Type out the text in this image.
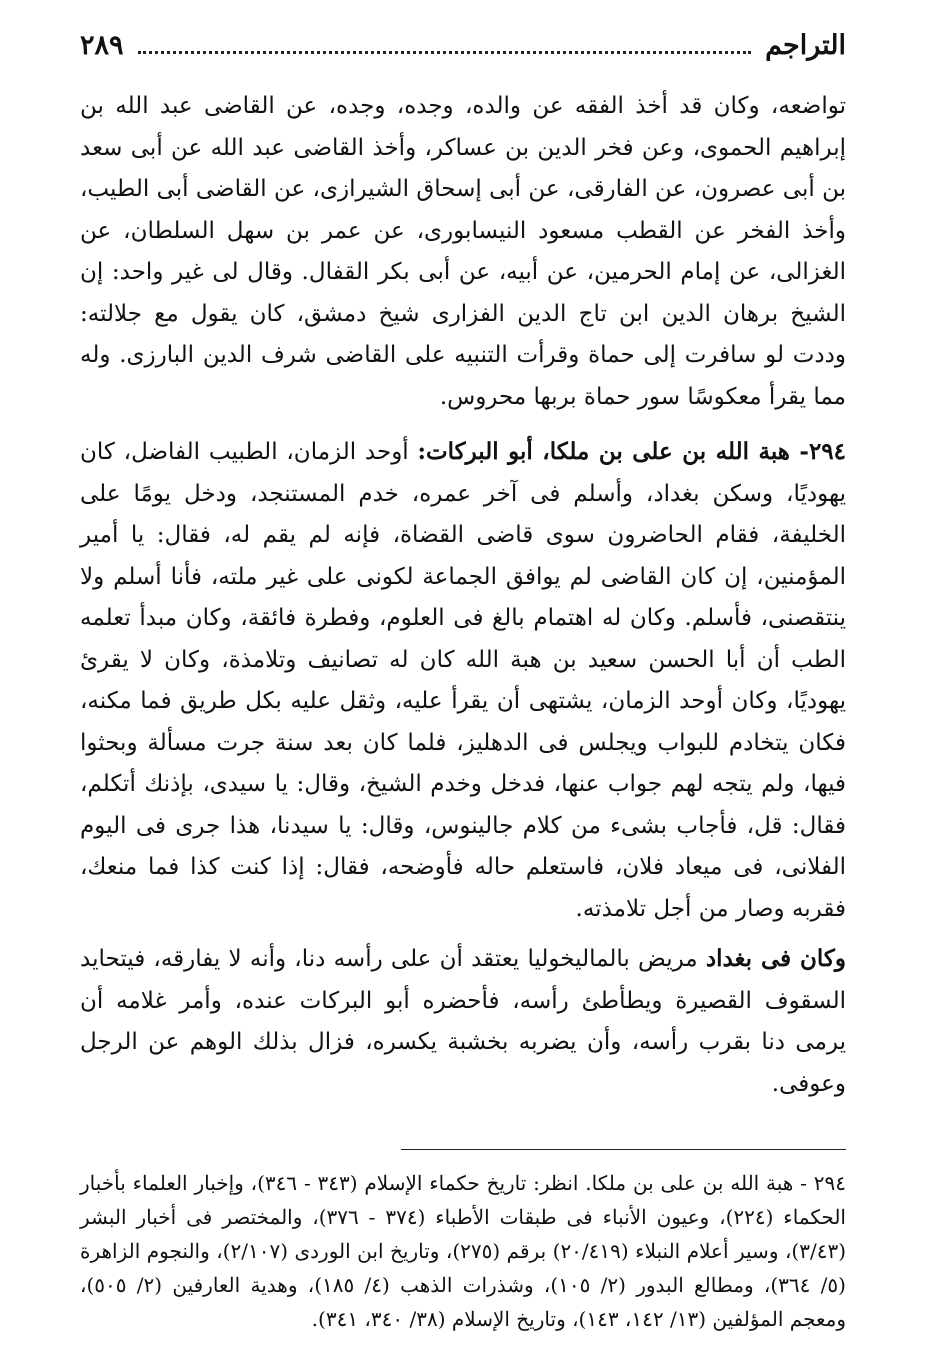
التراجم
٢٨٩

تواضعه، وكان قد أخذ الفقه عن والده، وجده، وجده، عن القاضى عبد الله بن إبراهيم الحموى، وعن فخر الدين بن عساكر، وأخذ القاضى عبد الله عن أبى سعد بن أبى عصرون، عن الفارقى، عن أبى إسحاق الشيرازى، عن القاضى أبى الطيب، وأخذ الفخر عن القطب مسعود النيسابورى، عن عمر بن سهل السلطان، عن الغزالى، عن إمام الحرمين، عن أبيه، عن أبى بكر القفال. وقال لى غير واحد: إن الشيخ برهان الدين ابن تاج الدين الفزارى شيخ دمشق، كان يقول مع جلالته: وددت لو سافرت إلى حماة وقرأت التنبيه على القاضى شرف الدين البارزى. وله مما يقرأ معكوسًا سور حماة بربها محروس.

٢٩٤- هبة الله بن على بن ملكا، أبو البركات: أوحد الزمان، الطبيب الفاضل، كان يهوديًا، وسكن بغداد، وأسلم فى آخر عمره، خدم المستنجد، ودخل يومًا على الخليفة، فقام الحاضرون سوى قاضى القضاة، فإنه لم يقم له، فقال: يا أمير المؤمنين، إن كان القاضى لم يوافق الجماعة لكونى على غير ملته، فأنا أسلم ولا ينتقصنى، فأسلم. وكان له اهتمام بالغ فى العلوم، وفطرة فائقة، وكان مبدأ تعلمه الطب أن أبا الحسن سعيد بن هبة الله كان له تصانيف وتلامذة، وكان لا يقرئ يهوديًا، وكان أوحد الزمان، يشتهى أن يقرأ عليه، وثقل عليه بكل طريق فما مكنه، فكان يتخادم للبواب ويجلس فى الدهليز، فلما كان بعد سنة جرت مسألة وبحثوا فيها، ولم يتجه لهم جواب عنها، فدخل وخدم الشيخ، وقال: يا سيدى، بإذنك أتكلم، فقال: قل، فأجاب بشىء من كلام جالينوس، وقال: يا سيدنا، هذا جرى فى اليوم الفلانى، فى ميعاد فلان، فاستعلم حاله فأوضحه، فقال: إذا كنت كذا فما منعك، فقربه وصار من أجل تلامذته.

وكان فى بغداد مريض بالماليخوليا يعتقد أن على رأسه دنا، وأنه لا يفارقه، فيتحايد السقوف القصيرة ويطأطئ رأسه، فأحضره أبو البركات عنده، وأمر غلامه أن يرمى دنا بقرب رأسه، وأن يضربه بخشبة يكسره، فزال بذلك الوهم عن الرجل وعوفى.

٢٩٤ - هبة الله بن على بن ملكا. انظر: تاريخ حكماء الإسلام (٣٤٣ - ٣٤٦)، وإخبار العلماء بأخبار الحكماء (٢٢٤)، وعيون الأنباء فى طبقات الأطباء (٣٧٤ - ٣٧٦)، والمختصر فى أخبار البشر (٣/٤٣)، وسير أعلام النبلاء (٢٠/٤١٩) برقم (٢٧٥)، وتاريخ ابن الوردى (٢/١٠٧)، والنجوم الزاهرة (٥/ ٣٦٤)، ومطالع البدور (٢/ ١٠٥)، وشذرات الذهب (٤/ ١٨٥)، وهدية العارفين (٢/ ٥٠٥)، ومعجم المؤلفين (١٣/ ١٤٢، ١٤٣)، وتاريخ الإسلام (٣٨/ ٣٤٠، ٣٤١).
